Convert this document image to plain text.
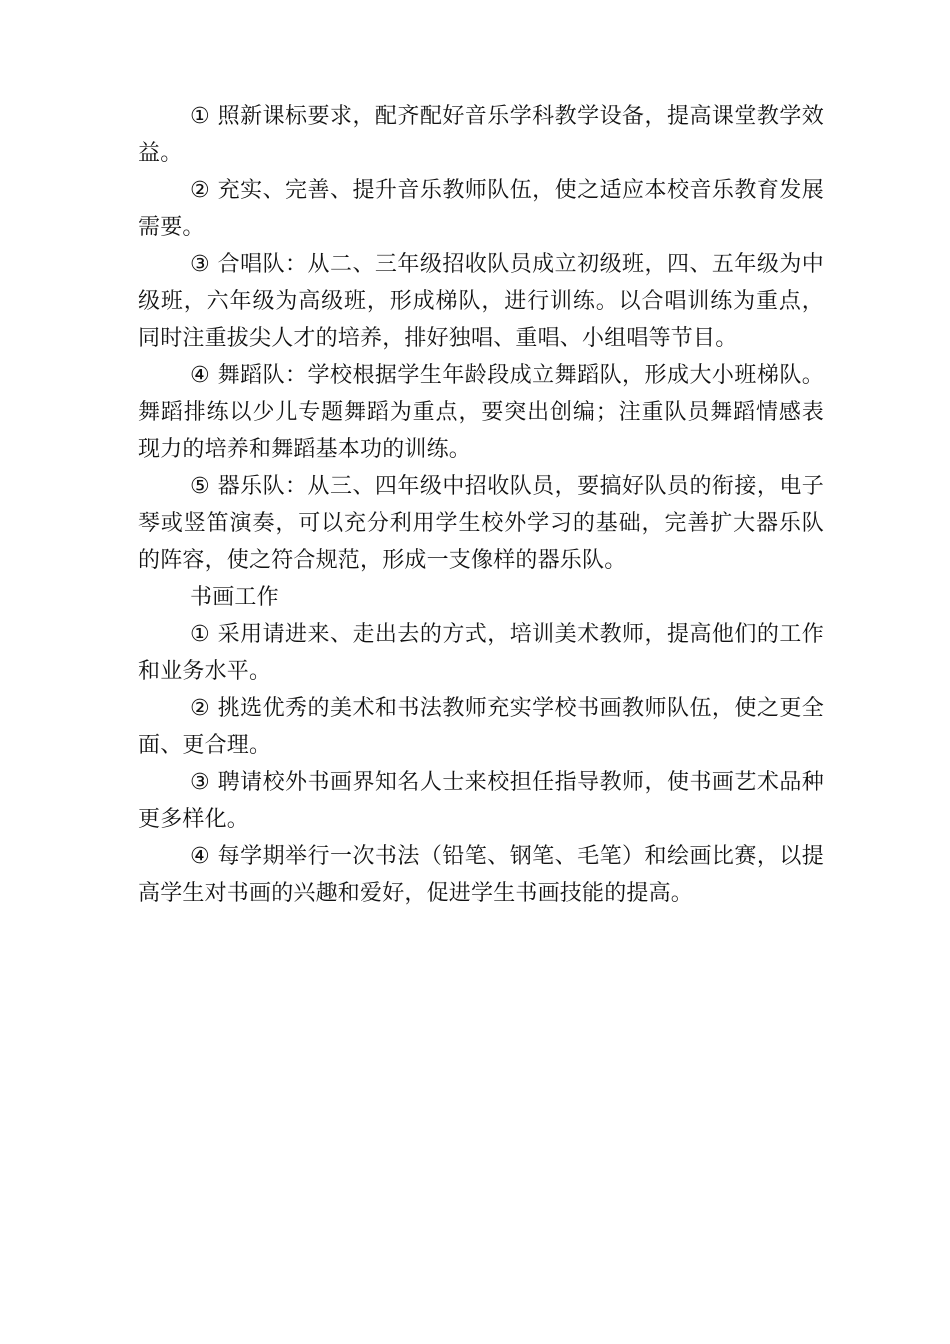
① 照新课标要求，配齐配好音乐学科教学设备，提高课堂教学效益。

② 充实、完善、提升音乐教师队伍，使之适应本校音乐教育发展需要。

③ 合唱队：从二、三年级招收队员成立初级班，四、五年级为中级班，六年级为高级班，形成梯队，进行训练。以合唱训练为重点，同时注重拔尖人才的培养，排好独唱、重唱、小组唱等节目。

④ 舞蹈队：学校根据学生年龄段成立舞蹈队，形成大小班梯队。舞蹈排练以少儿专题舞蹈为重点，要突出创编；注重队员舞蹈情感表现力的培养和舞蹈基本功的训练。

⑤ 器乐队：从三、四年级中招收队员，要搞好队员的衔接，电子琴或竖笛演奏，可以充分利用学生校外学习的基础，完善扩大器乐队的阵容，使之符合规范，形成一支像样的器乐队。

书画工作

① 采用请进来、走出去的方式，培训美术教师，提高他们的工作和业务水平。

② 挑选优秀的美术和书法教师充实学校书画教师队伍，使之更全面、更合理。

③ 聘请校外书画界知名人士来校担任指导教师，使书画艺术品种更多样化。

④ 每学期举行一次书法（铅笔、钢笔、毛笔）和绘画比赛，以提高学生对书画的兴趣和爱好，促进学生书画技能的提高。
